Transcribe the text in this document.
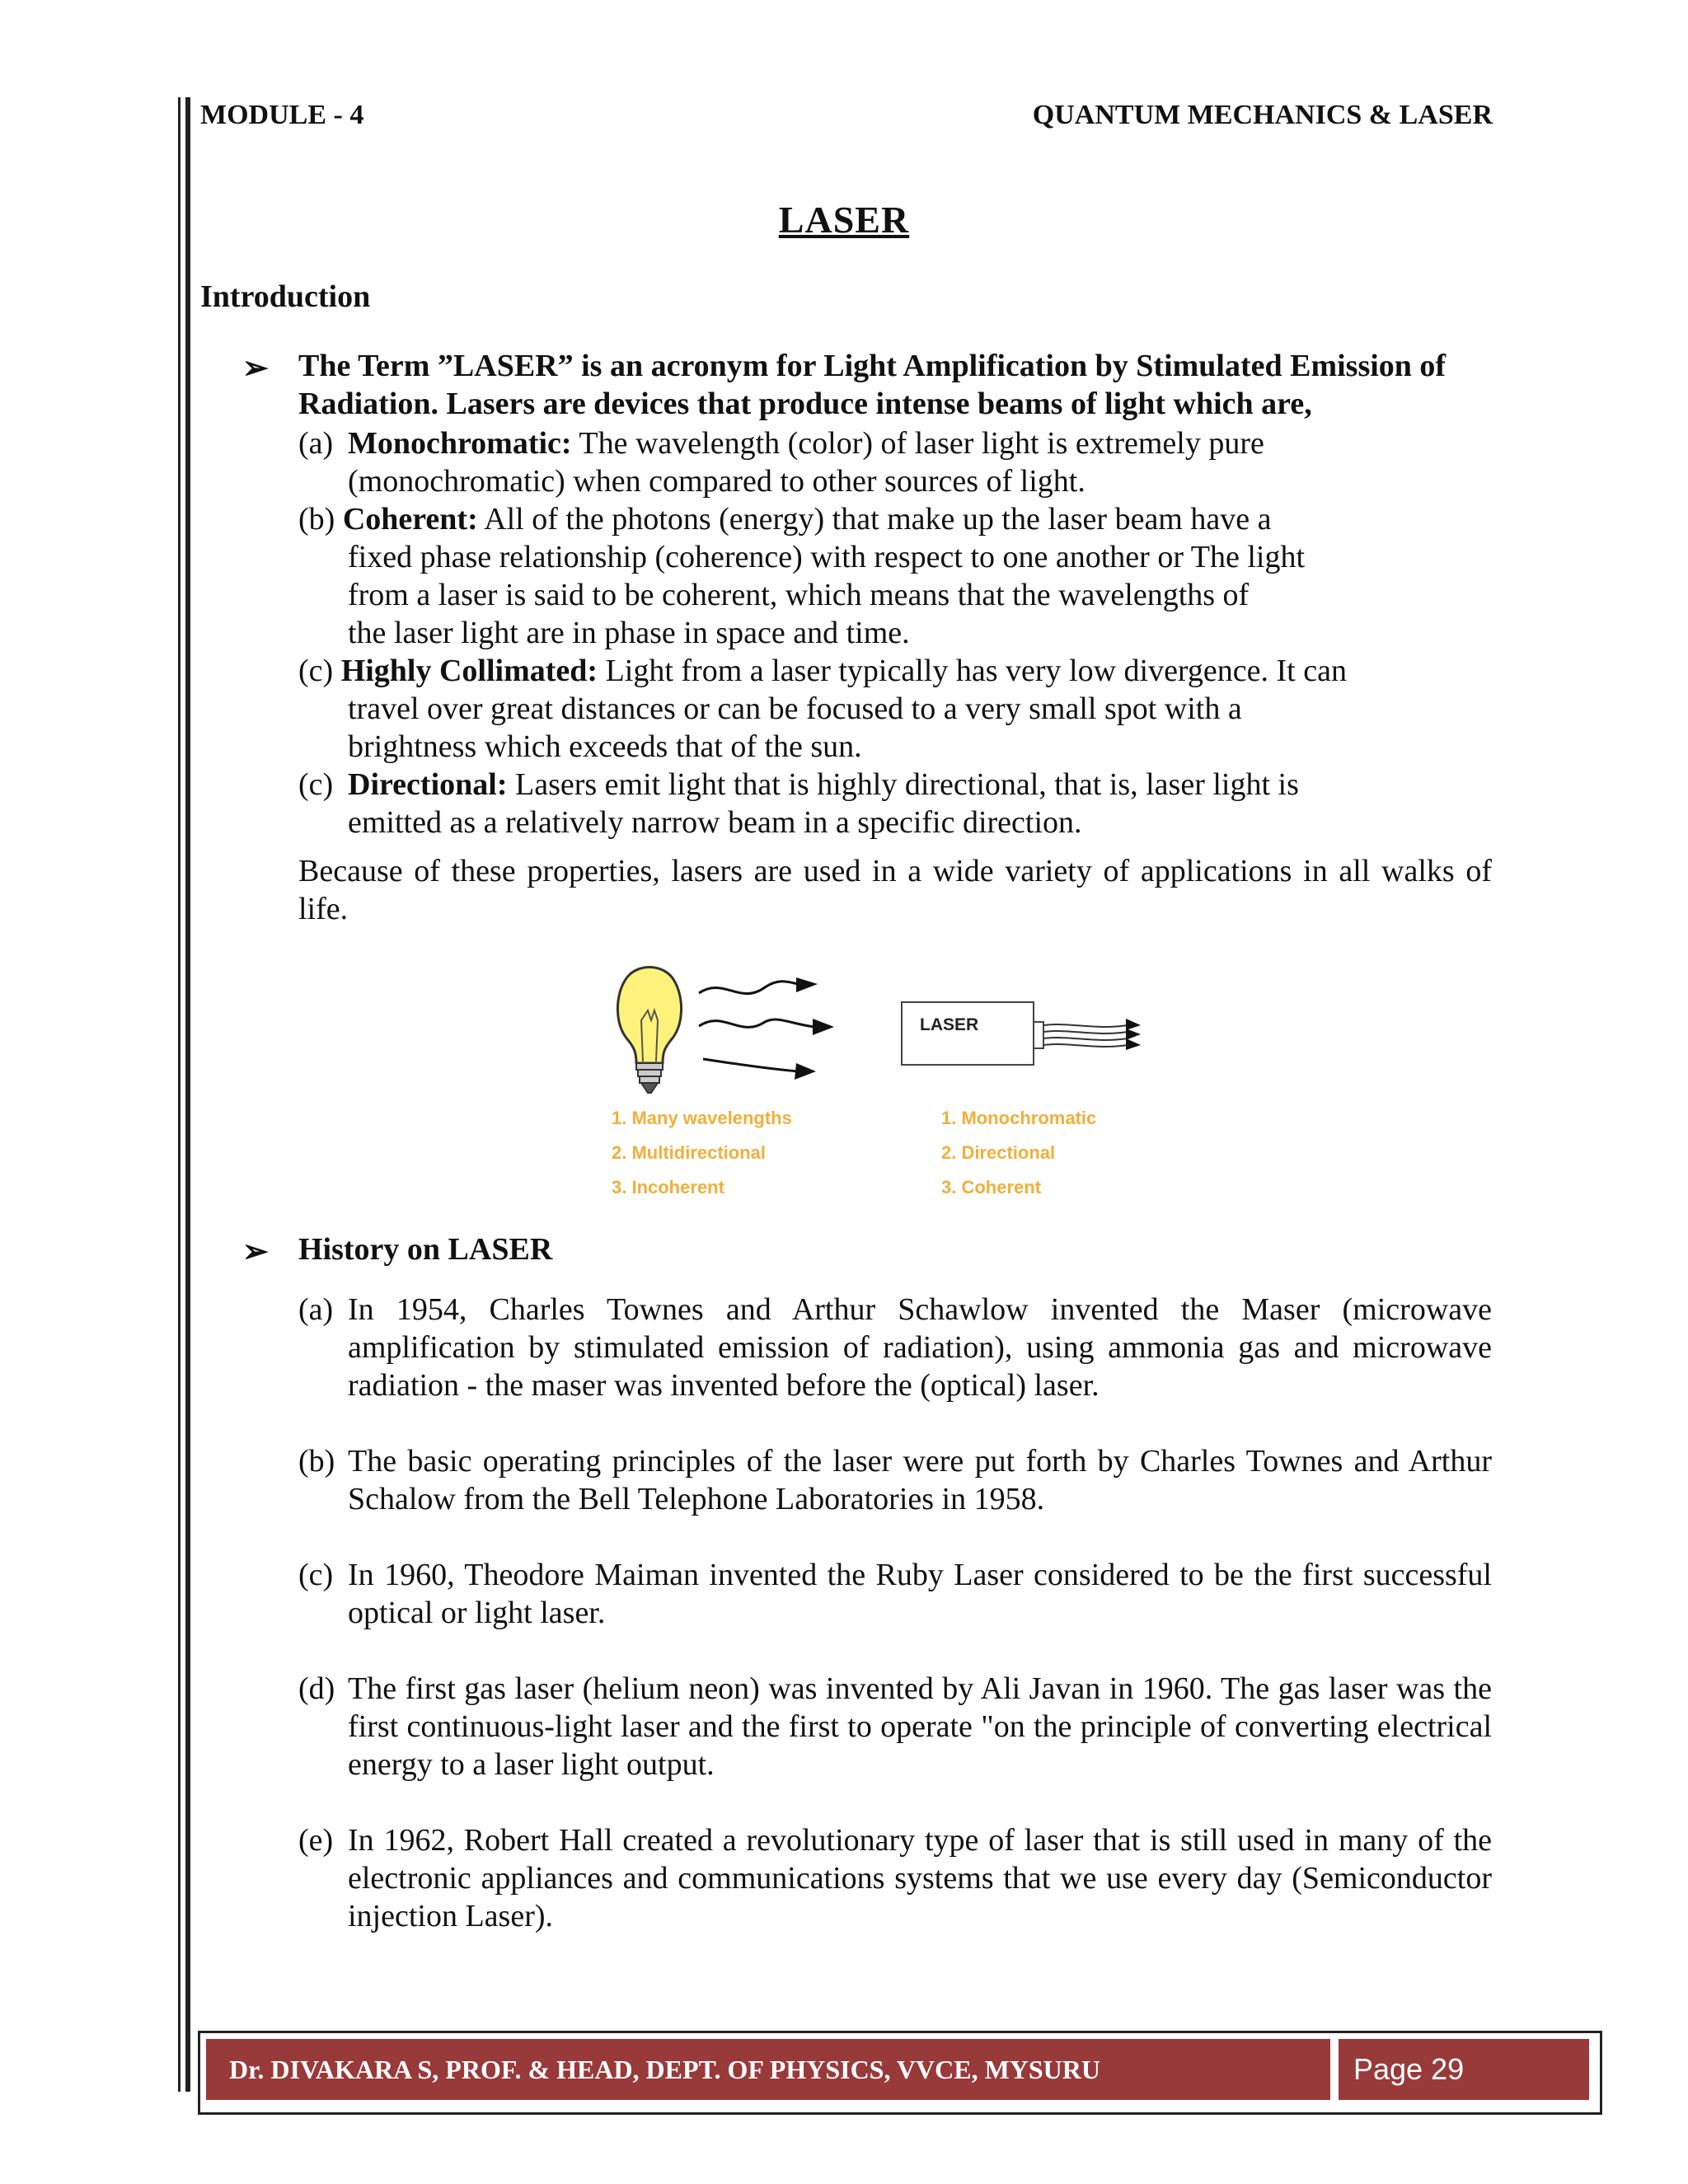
MODULE - 4	QUANTUM MECHANICS & LASER
LASER
Introduction
➢ The Term ”LASER” is an acronym for Light Amplification by Stimulated Emission of Radiation. Lasers are devices that produce intense beams of light which are,
(a) Monochromatic: The wavelength (color) of laser light is extremely pure
(monochromatic) when compared to other sources of light.
(b) Coherent: All of the photons (energy) that make up the laser beam have a
fixed phase relationship (coherence) with respect to one another or The light
from a laser is said to be coherent, which means that the wavelengths of
the laser light are in phase in space and time.
(c) Highly Collimated: Light from a laser typically has very low divergence. It can
travel over great distances or can be focused to a very small spot with a
brightness which exceeds that of the sun.
(c) Directional: Lasers emit light that is highly directional, that is, laser light is
emitted as a relatively narrow beam in a specific direction.
Because of these properties, lasers are used in a wide variety of applications in all walks of life.
LASER
1. Many wavelengths
2. Multidirectional
3. Incoherent
1. Monochromatic
2. Directional
3. Coherent
➢ History on LASER
(a) In 1954, Charles Townes and Arthur Schawlow invented the Maser (microwave amplification by stimulated emission of radiation), using ammonia gas and microwave radiation - the maser was invented before the (optical) laser.
(b) The basic operating principles of the laser were put forth by Charles Townes and Arthur Schalow from the Bell Telephone Laboratories in 1958.
(c) In 1960, Theodore Maiman invented the Ruby Laser considered to be the first successful optical or light laser.
(d) The first gas laser (helium neon) was invented by Ali Javan in 1960. The gas laser was the first continuous-light laser and the first to operate "on the principle of converting electrical energy to a laser light output.
(e) In 1962, Robert Hall created a revolutionary type of laser that is still used in many of the electronic appliances and communications systems that we use every day (Semiconductor injection Laser).
Dr. DIVAKARA S, PROF. & HEAD, DEPT. OF PHYSICS, VVCE, MYSURU	Page 29
